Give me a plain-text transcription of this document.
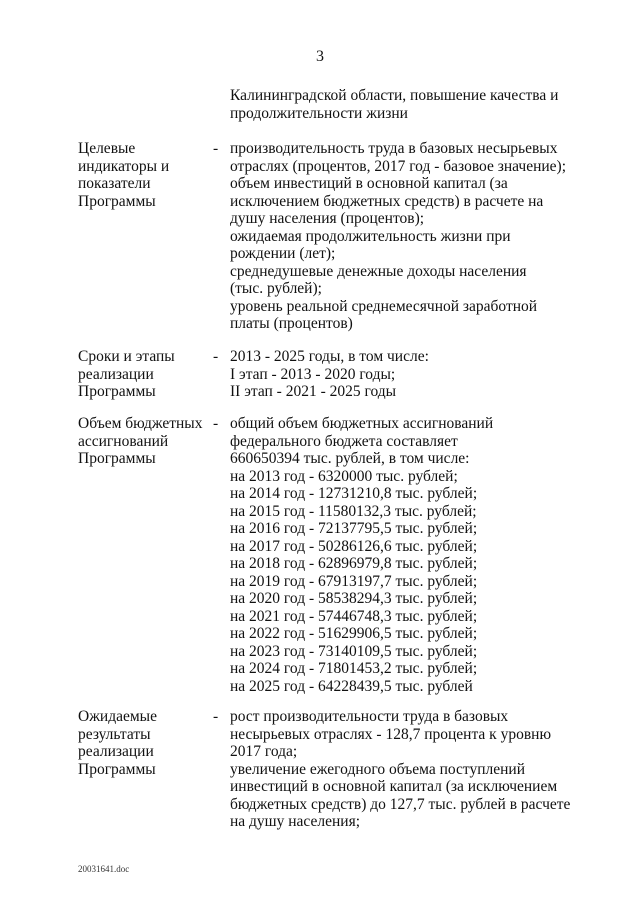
3
Калининградской области, повышение качества и
продолжительности жизни
Целевые
индикаторы и
показатели
Программы
- производительность труда в базовых несырьевых
отраслях (процентов, 2017 год - базовое значение);
объем инвестиций в основной капитал (за
исключением бюджетных средств) в расчете на
душу населения (процентов);
ожидаемая продолжительность жизни при
рождении (лет);
среднедушевые денежные доходы населения
(тыс. рублей);
уровень реальной среднемесячной заработной
платы (процентов)
Сроки и этапы
реализации
Программы
- 2013 - 2025 годы, в том числе:
I этап - 2013 - 2020 годы;
II этап - 2021 - 2025 годы
Объем бюджетных
ассигнований
Программы
- общий объем бюджетных ассигнований
федерального бюджета составляет
660650394 тыс. рублей, в том числе:
на 2013 год - 6320000 тыс. рублей;
на 2014 год - 12731210,8 тыс. рублей;
на 2015 год - 11580132,3 тыс. рублей;
на 2016 год - 72137795,5 тыс. рублей;
на 2017 год - 50286126,6 тыс. рублей;
на 2018 год - 62896979,8 тыс. рублей;
на 2019 год - 67913197,7 тыс. рублей;
на 2020 год - 58538294,3 тыс. рублей;
на 2021 год - 57446748,3 тыс. рублей;
на 2022 год - 51629906,5 тыс. рублей;
на 2023 год - 73140109,5 тыс. рублей;
на 2024 год - 71801453,2 тыс. рублей;
на 2025 год - 64228439,5 тыс. рублей
Ожидаемые
результаты
реализации
Программы
- рост производительности труда в базовых
несырьевых отраслях - 128,7 процента к уровню
2017 года;
увеличение ежегодного объема поступлений
инвестиций в основной капитал (за исключением
бюджетных средств) до 127,7 тыс. рублей в расчете
на душу населения;
20031641.doc
